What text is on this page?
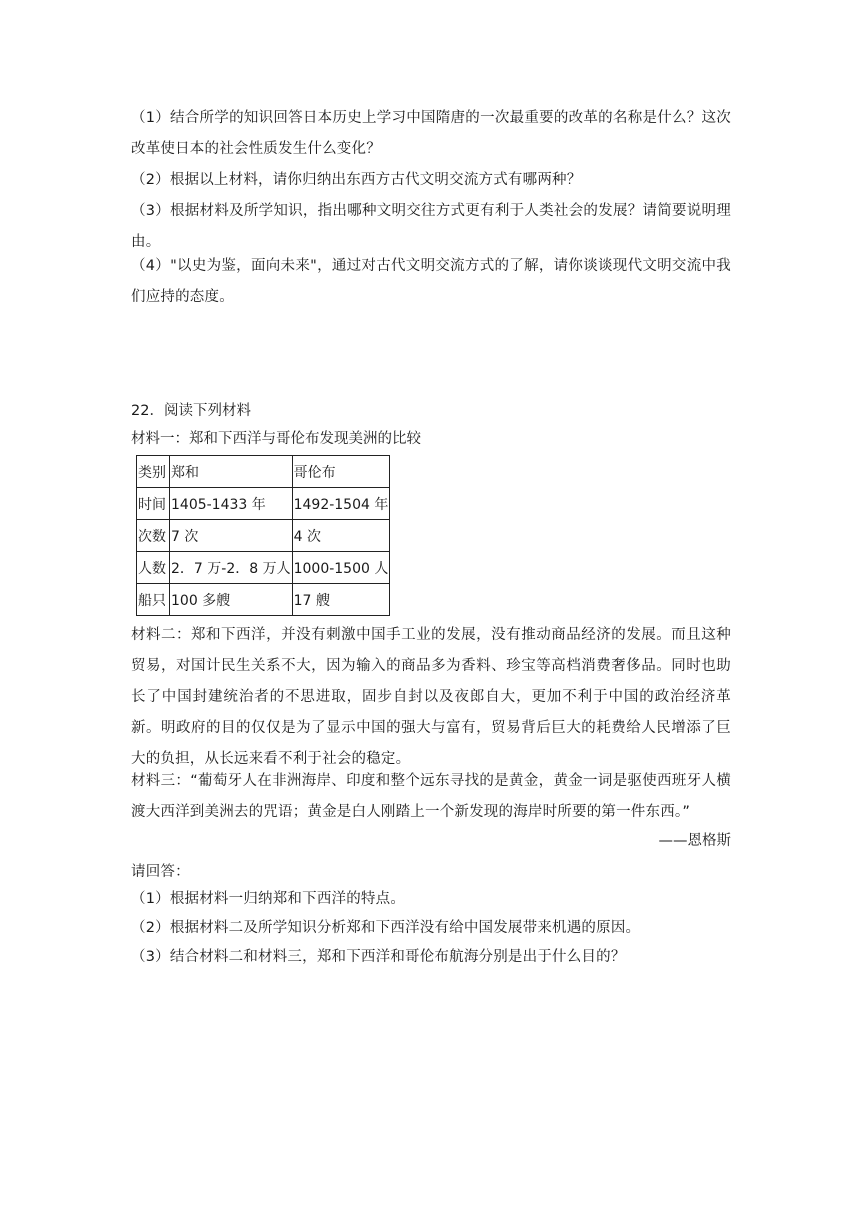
（1）结合所学的知识回答日本历史上学习中国隋唐的一次最重要的改革的名称是什么？这次改革使日本的社会性质发生什么变化？

（2）根据以上材料，请你归纳出东西方古代文明交流方式有哪两种？

（3）根据材料及所学知识，指出哪种文明交往方式更有利于人类社会的发展？请简要说明理由。

（4）"以史为鉴，面向未来"，通过对古代文明交流方式的了解，请你谈谈现代文明交流中我们应持的态度。

22．阅读下列材料

材料一：郑和下西洋与哥伦布发现美洲的比较

类别	郑和	哥伦布
时间	1405-1433 年	1492-1504 年
次数	7 次	4 次
人数	2．7 万-2．8 万人	1000-1500 人
船只	100 多艘	17 艘

材料二：郑和下西洋，并没有刺激中国手工业的发展，没有推动商品经济的发展。而且这种贸易，对国计民生关系不大，因为输入的商品多为香料、珍宝等高档消费奢侈品。同时也助长了中国封建统治者的不思进取，固步自封以及夜郎自大，更加不利于中国的政治经济革新。明政府的目的仅仅是为了显示中国的强大与富有，贸易背后巨大的耗费给人民增添了巨大的负担，从长远来看不利于社会的稳定。

材料三：“葡萄牙人在非洲海岸、印度和整个远东寻找的是黄金，黄金一词是驱使西班牙人横渡大西洋到美洲去的咒语；黄金是白人刚踏上一个新发现的海岸时所要的第一件东西。”

——恩格斯

请回答：

（1）根据材料一归纳郑和下西洋的特点。

（2）根据材料二及所学知识分析郑和下西洋没有给中国发展带来机遇的原因。

（3）结合材料二和材料三，郑和下西洋和哥伦布航海分别是出于什么目的？
